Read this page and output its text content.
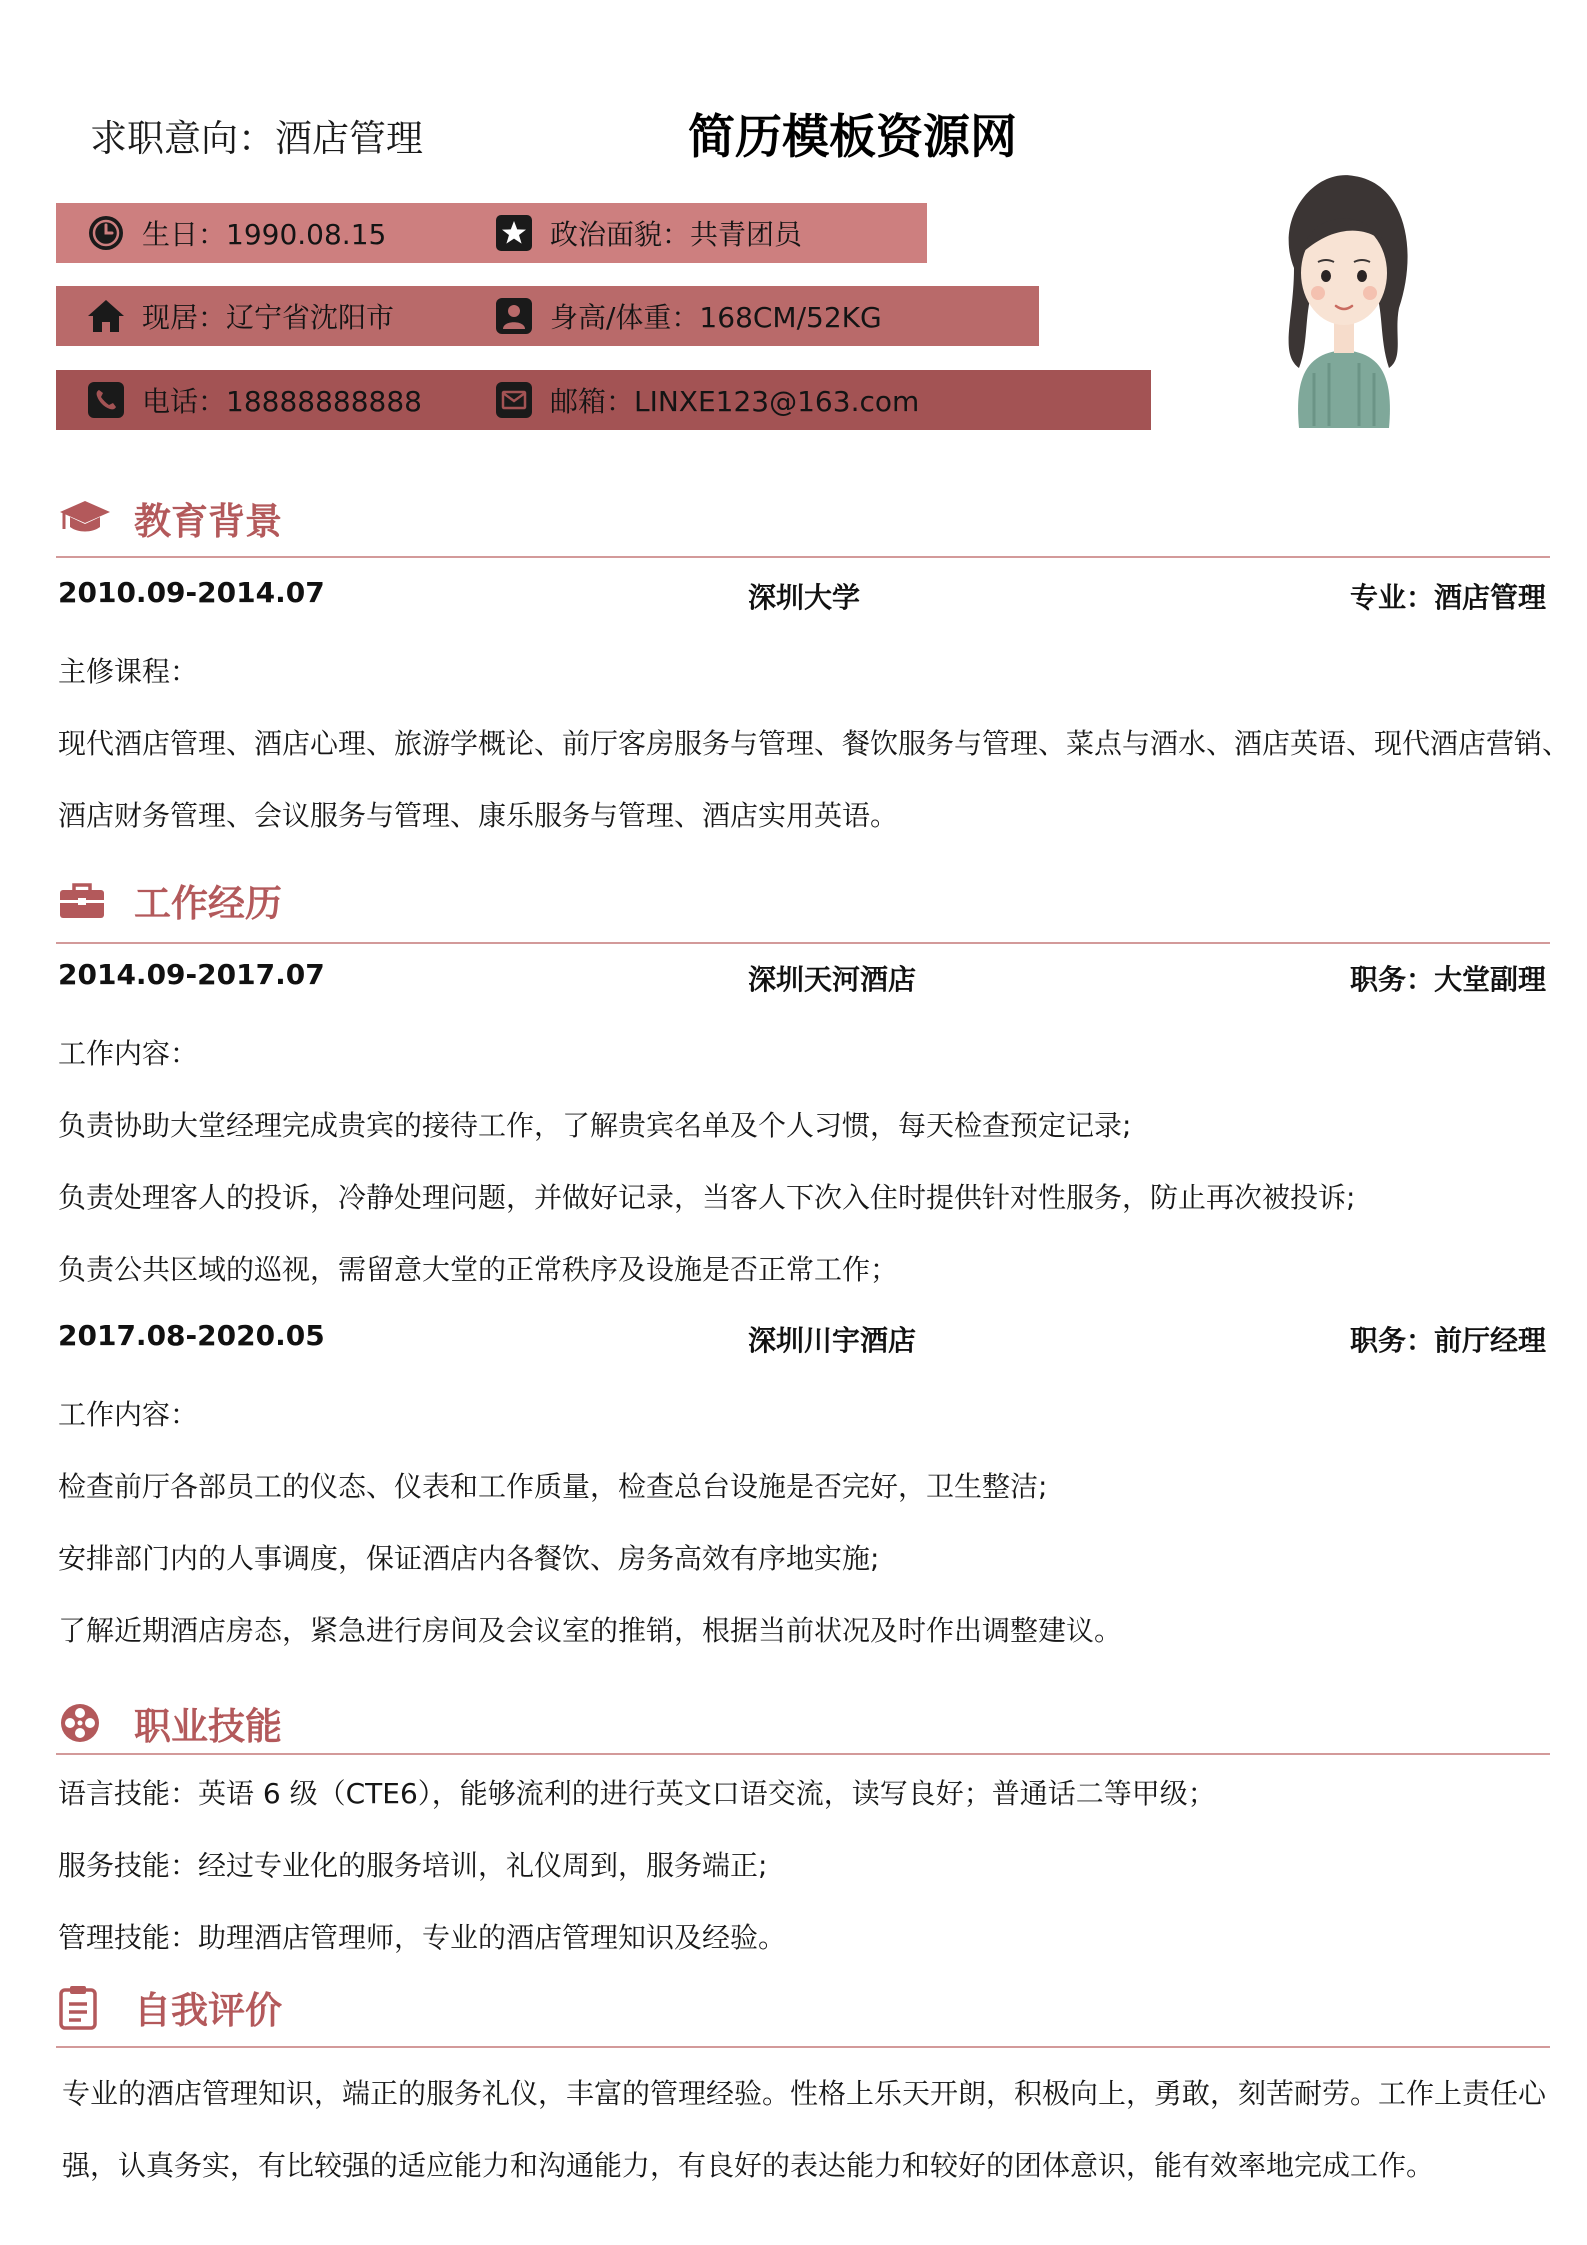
求职意向：酒店管理	简历模板资源网
生日：1990.08.15	政治面貌：共青团员
现居：辽宁省沈阳市	身高/体重：168CM/52KG
电话：18888888888	邮箱：LINXE123@163.com
教育背景
2010.09-2014.07	深圳大学	专业：酒店管理
主修课程：
现代酒店管理、酒店心理、旅游学概论、前厅客房服务与管理、餐饮服务与管理、菜点与酒水、酒店英语、现代酒店营销、
酒店财务管理、会议服务与管理、康乐服务与管理、酒店实用英语。
工作经历
2014.09-2017.07	深圳天河酒店	职务：大堂副理
工作内容：
负责协助大堂经理完成贵宾的接待工作，了解贵宾名单及个人习惯，每天检查预定记录;
负责处理客人的投诉，冷静处理问题，并做好记录，当客人下次入住时提供针对性服务，防止再次被投诉;
负责公共区域的巡视，需留意大堂的正常秩序及设施是否正常工作；
2017.08-2020.05	深圳川宇酒店	职务：前厅经理
工作内容：
检查前厅各部员工的仪态、仪表和工作质量，检查总台设施是否完好，卫生整洁;
安排部门内的人事调度，保证酒店内各餐饮、房务高效有序地实施;
了解近期酒店房态，紧急进行房间及会议室的推销，根据当前状况及时作出调整建议。
职业技能
语言技能：英语 6 级（CTE6），能够流利的进行英文口语交流，读写良好；普通话二等甲级；
服务技能：经过专业化的服务培训，礼仪周到，服务端正;
管理技能：助理酒店管理师，专业的酒店管理知识及经验。
自我评价
专业的酒店管理知识，端正的服务礼仪，丰富的管理经验。性格上乐天开朗，积极向上，勇敢，刻苦耐劳。工作上责任心
强，认真务实，有比较强的适应能力和沟通能力，有良好的表达能力和较好的团体意识，能有效率地完成工作。
